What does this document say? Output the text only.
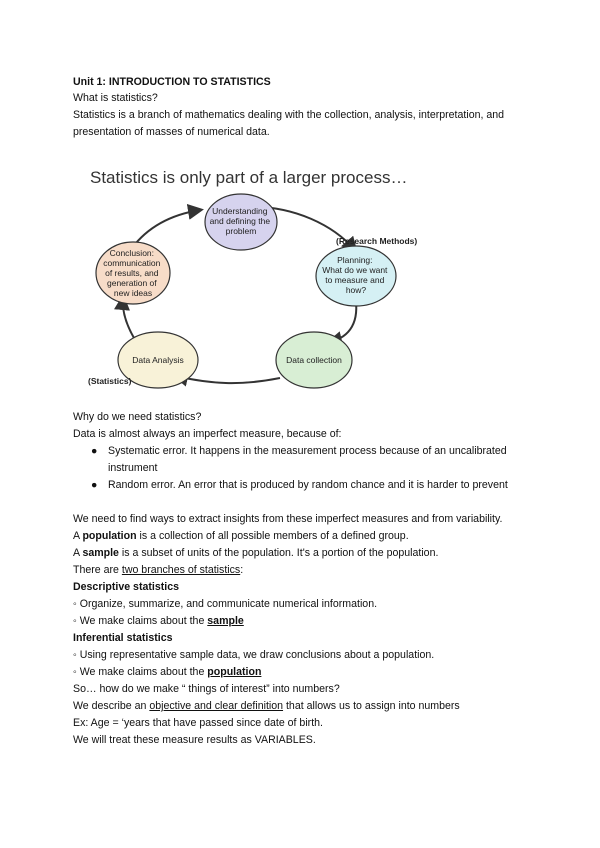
Unit 1: INTRODUCTION TO STATISTICS
What is statistics?
Statistics is a branch of mathematics dealing with the collection, analysis, interpretation, and presentation of masses of numerical data.
Statistics is only part of a larger process…
Understanding and defining the problem
(Research Methods)
Planning: What do we want to measure and how?
Data collection
Data Analysis
(Statistics)
Conclusion: communication of results, and generation of new ideas
Why do we need statistics?
Data is almost always an imperfect measure, because of:
● Systematic error. It happens in the measurement process because of an uncalibrated instrument
● Random error. An error that is produced by random chance and it is harder to prevent
We need to find ways to extract insights from these imperfect measures and from variability.
A population is a collection of all possible members of a defined group.
A sample is a subset of units of the population. It's a portion of the population.
There are two branches of statistics:
Descriptive statistics
◦ Organize, summarize, and communicate numerical information.
◦ We make claims about the sample
Inferential statistics
◦ Using representative sample data, we draw conclusions about a population.
◦ We make claims about the population
So… how do we make “ things of interest” into numbers?
We describe an objective and clear definition that allows us to assign into numbers
Ex: Age = ‘years that have passed since date of birth.
We will treat these measure results as VARIABLES.
